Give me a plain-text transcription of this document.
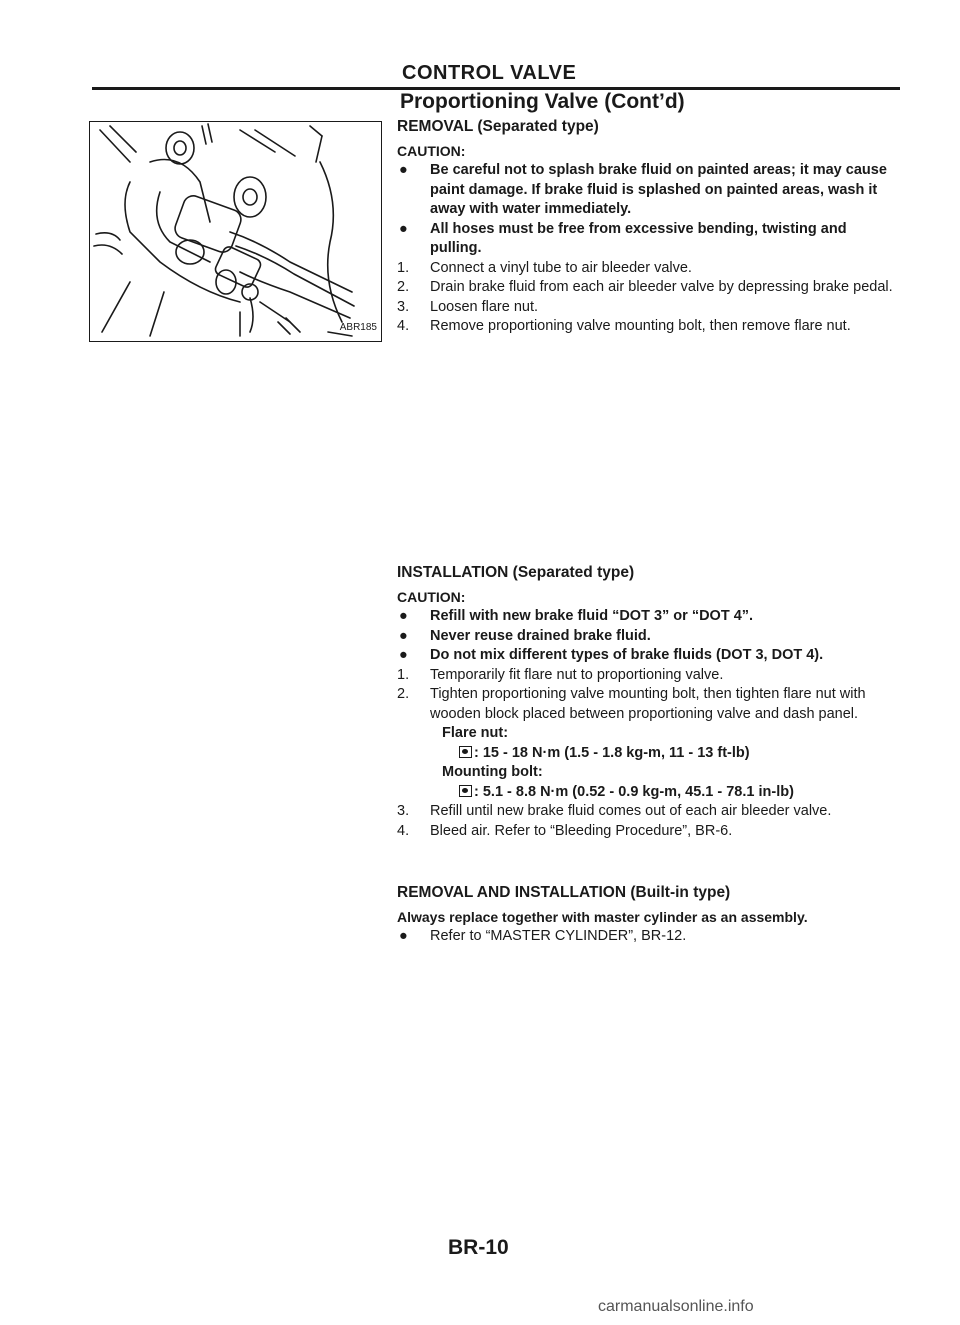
CONTROL VALVE
Proportioning Valve (Cont’d)
ABR185
REMOVAL (Separated type)
CAUTION:
● Be careful not to splash brake fluid on painted areas; it may cause paint damage. If brake fluid is splashed on painted areas, wash it away with water immediately.
● All hoses must be free from excessive bending, twisting and pulling.
1. Connect a vinyl tube to air bleeder valve.
2. Drain brake fluid from each air bleeder valve by depressing brake pedal.
3. Loosen flare nut.
4. Remove proportioning valve mounting bolt, then remove flare nut.
INSTALLATION (Separated type)
CAUTION:
● Refill with new brake fluid “DOT 3” or “DOT 4”.
● Never reuse drained brake fluid.
● Do not mix different types of brake fluids (DOT 3, DOT 4).
1. Temporarily fit flare nut to proportioning valve.
2. Tighten proportioning valve mounting bolt, then tighten flare nut with wooden block placed between proportioning valve and dash panel.
Flare nut:
: 15 - 18 N·m (1.5 - 1.8 kg-m, 11 - 13 ft-lb)
Mounting bolt:
: 5.1 - 8.8 N·m (0.52 - 0.9 kg-m, 45.1 - 78.1 in-lb)
3. Refill until new brake fluid comes out of each air bleeder valve.
4. Bleed air. Refer to “Bleeding Procedure”, BR-6.
REMOVAL AND INSTALLATION (Built-in type)
Always replace together with master cylinder as an assembly.
● Refer to “MASTER CYLINDER”, BR-12.
BR-10
carmanualsonline.info
